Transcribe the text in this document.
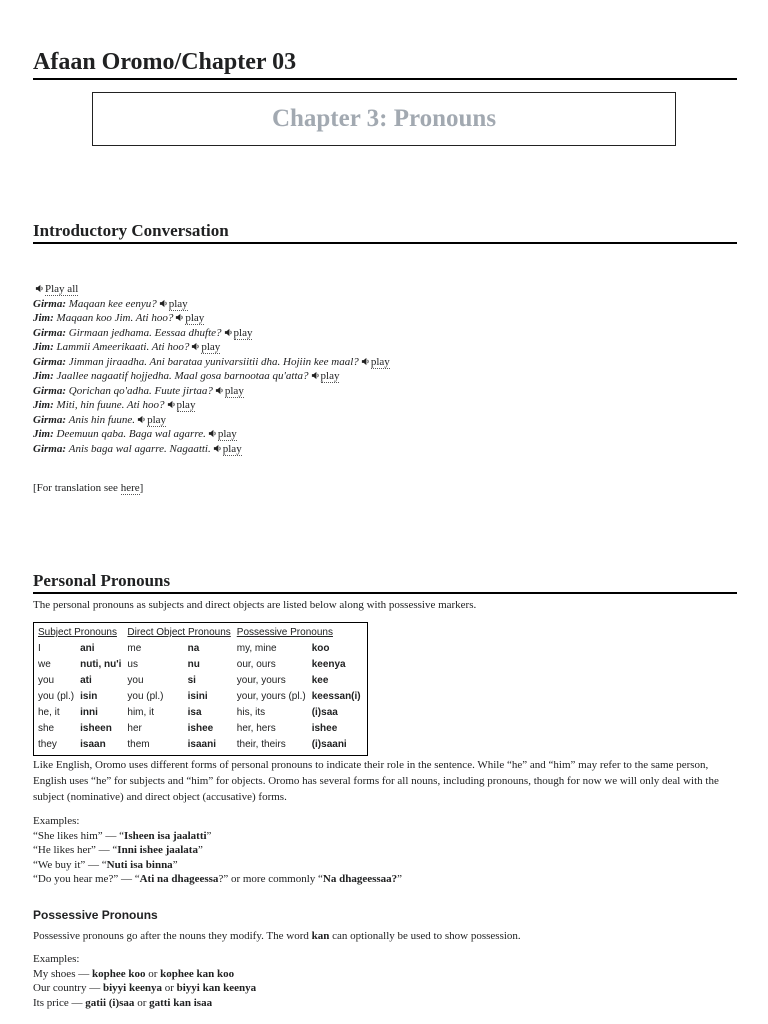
Afaan Oromo/Chapter 03
Chapter 3: Pronouns
Introductory Conversation
Play all
Girma: Maqaan kee eenyu? play
Jim: Maqaan koo Jim. Ati hoo? play
Girma: Girmaan jedhama. Eessaa dhufte? play
Jim: Lammii Ameerikaati. Ati hoo? play
Girma: Jimman jiraadha. Ani barataa yunivarsiitii dha. Hojiin kee maal? play
Jim: Jaallee nagaatif hojjedha. Maal gosa barnootaa qu'atta? play
Girma: Qorichan qo'adha. Fuute jirtaa? play
Jim: Miti, hin fuune. Ati hoo? play
Girma: Anis hin fuune. play
Jim: Deemuun qaba. Baga wal agarre. play
Girma: Anis baga wal agarre. Nagaatti. play
[For translation see here]
Personal Pronouns
The personal pronouns as subjects and direct objects are listed below along with possessive markers.
Subject Pronouns		Direct Object Pronouns		Possessive Pronouns	
I	ani	me	na	my, mine	koo
we	nuti, nu'i	us	nu	our, ours	keenya
you	ati	you	si	your, yours	kee
you (pl.)	isin	you (pl.)	isini	your, yours (pl.)	keessan(i)
he, it	inni	him, it	isa	his, its	(i)saa
she	isheen	her	ishee	her, hers	ishee
they	isaan	them	isaani	their, theirs	(i)saani
Like English, Oromo uses different forms of personal pronouns to indicate their role in the sentence. While “he” and “him” may refer to the same person, English uses “he” for subjects and “him” for objects. Oromo has several forms for all nouns, including pronouns, though for now we will only deal with the subject (nominative) and direct object (accusative) forms.
Examples:
“She likes him” — “Isheen isa jaalatti”
“He likes her” — “Inni ishee jaalata”
“We buy it” — “Nuti isa binna”
“Do you hear me?” — “Ati na dhageessa?” or more commonly “Na dhageessaa?”
Possessive Pronouns
Possessive pronouns go after the nouns they modify. The word kan can optionally be used to show possession.
Examples:
My shoes — kophee koo or kophee kan koo
Our country — biyyi keenya or biyyi kan keenya
Its price — gatii (i)saa or gatti kan isaa
